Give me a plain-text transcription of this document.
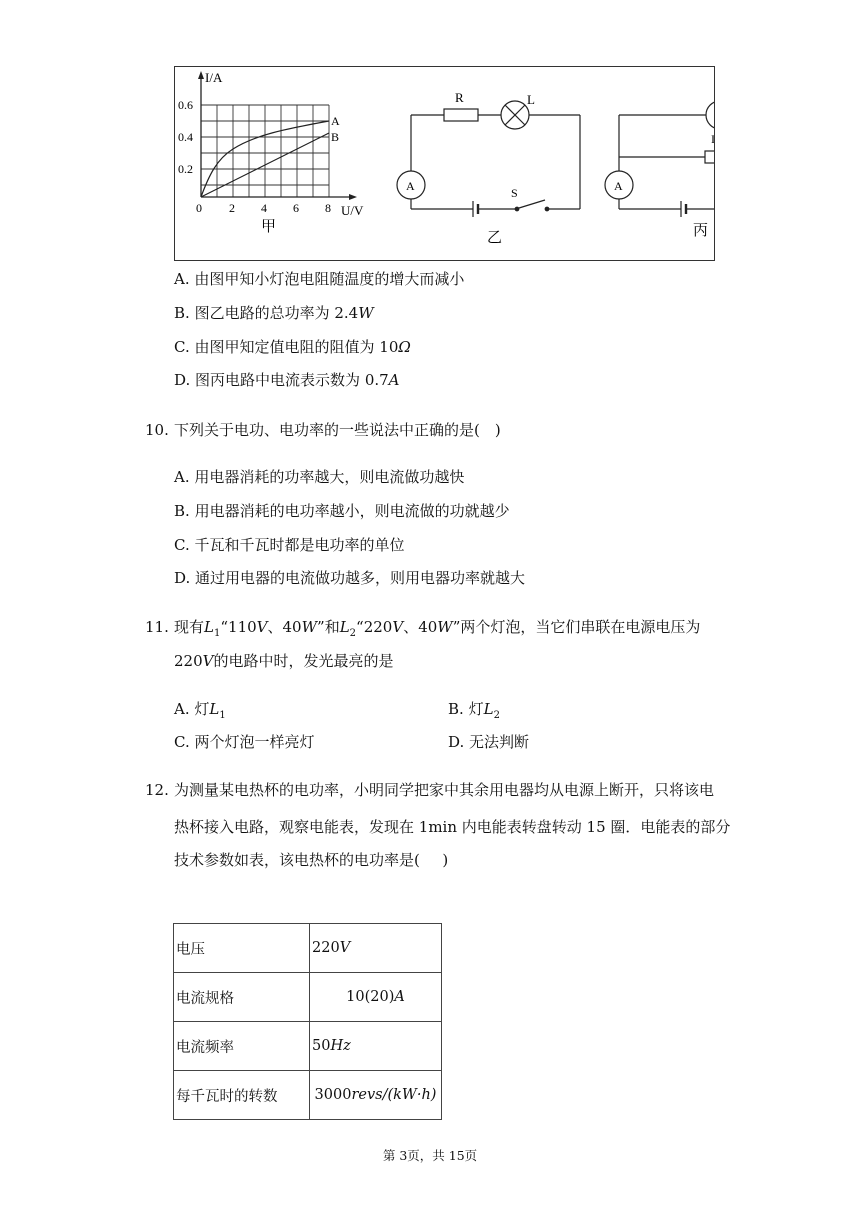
I/A
U/V
0.6
0.4
0.2
0 2 4 6 8
A
B
甲
R	L
A	S
乙
A
I
丙
A. 由图甲知小灯泡电阻随温度的增大而减小
B. 图乙电路的总功率为 2.4W
C. 由图甲知定值电阻的阻值为 10Ω
D. 图丙电路中电流表示数为 0.7A
10. 下列关于电功、电功率的一些说法中正确的是(  )
A. 用电器消耗的功率越大，则电流做功越快
B. 用电器消耗的电功率越小，则电流做的功就越少
C. 千瓦和千瓦时都是电功率的单位
D. 通过用电器的电流做功越多，则用电器功率就越大
11. 现有$L_1“110V$、40W”和$L_2“220V$、40W”两个灯泡，当它们串联在电源电压为
220V的电路中时，发光最亮的是
A. 灯$L_1$	B. 灯$L_2$
C. 两个灯泡一样亮灯	D. 无法判断
12. 为测量某电热杯的电功率，小明同学把家中其余用电器均从电源上断开，只将该电
热杯接入电路，观察电能表，发现在 1min 内电能表转盘转动 15 圈．电能表的部分
技术参数如表，该电热杯的电功率是(   )
电压	220V
电流规格	10(20)A
电流频率	50Hz
每千瓦时的转数	3000revs/(kW·h)
第 3页，共 15页
